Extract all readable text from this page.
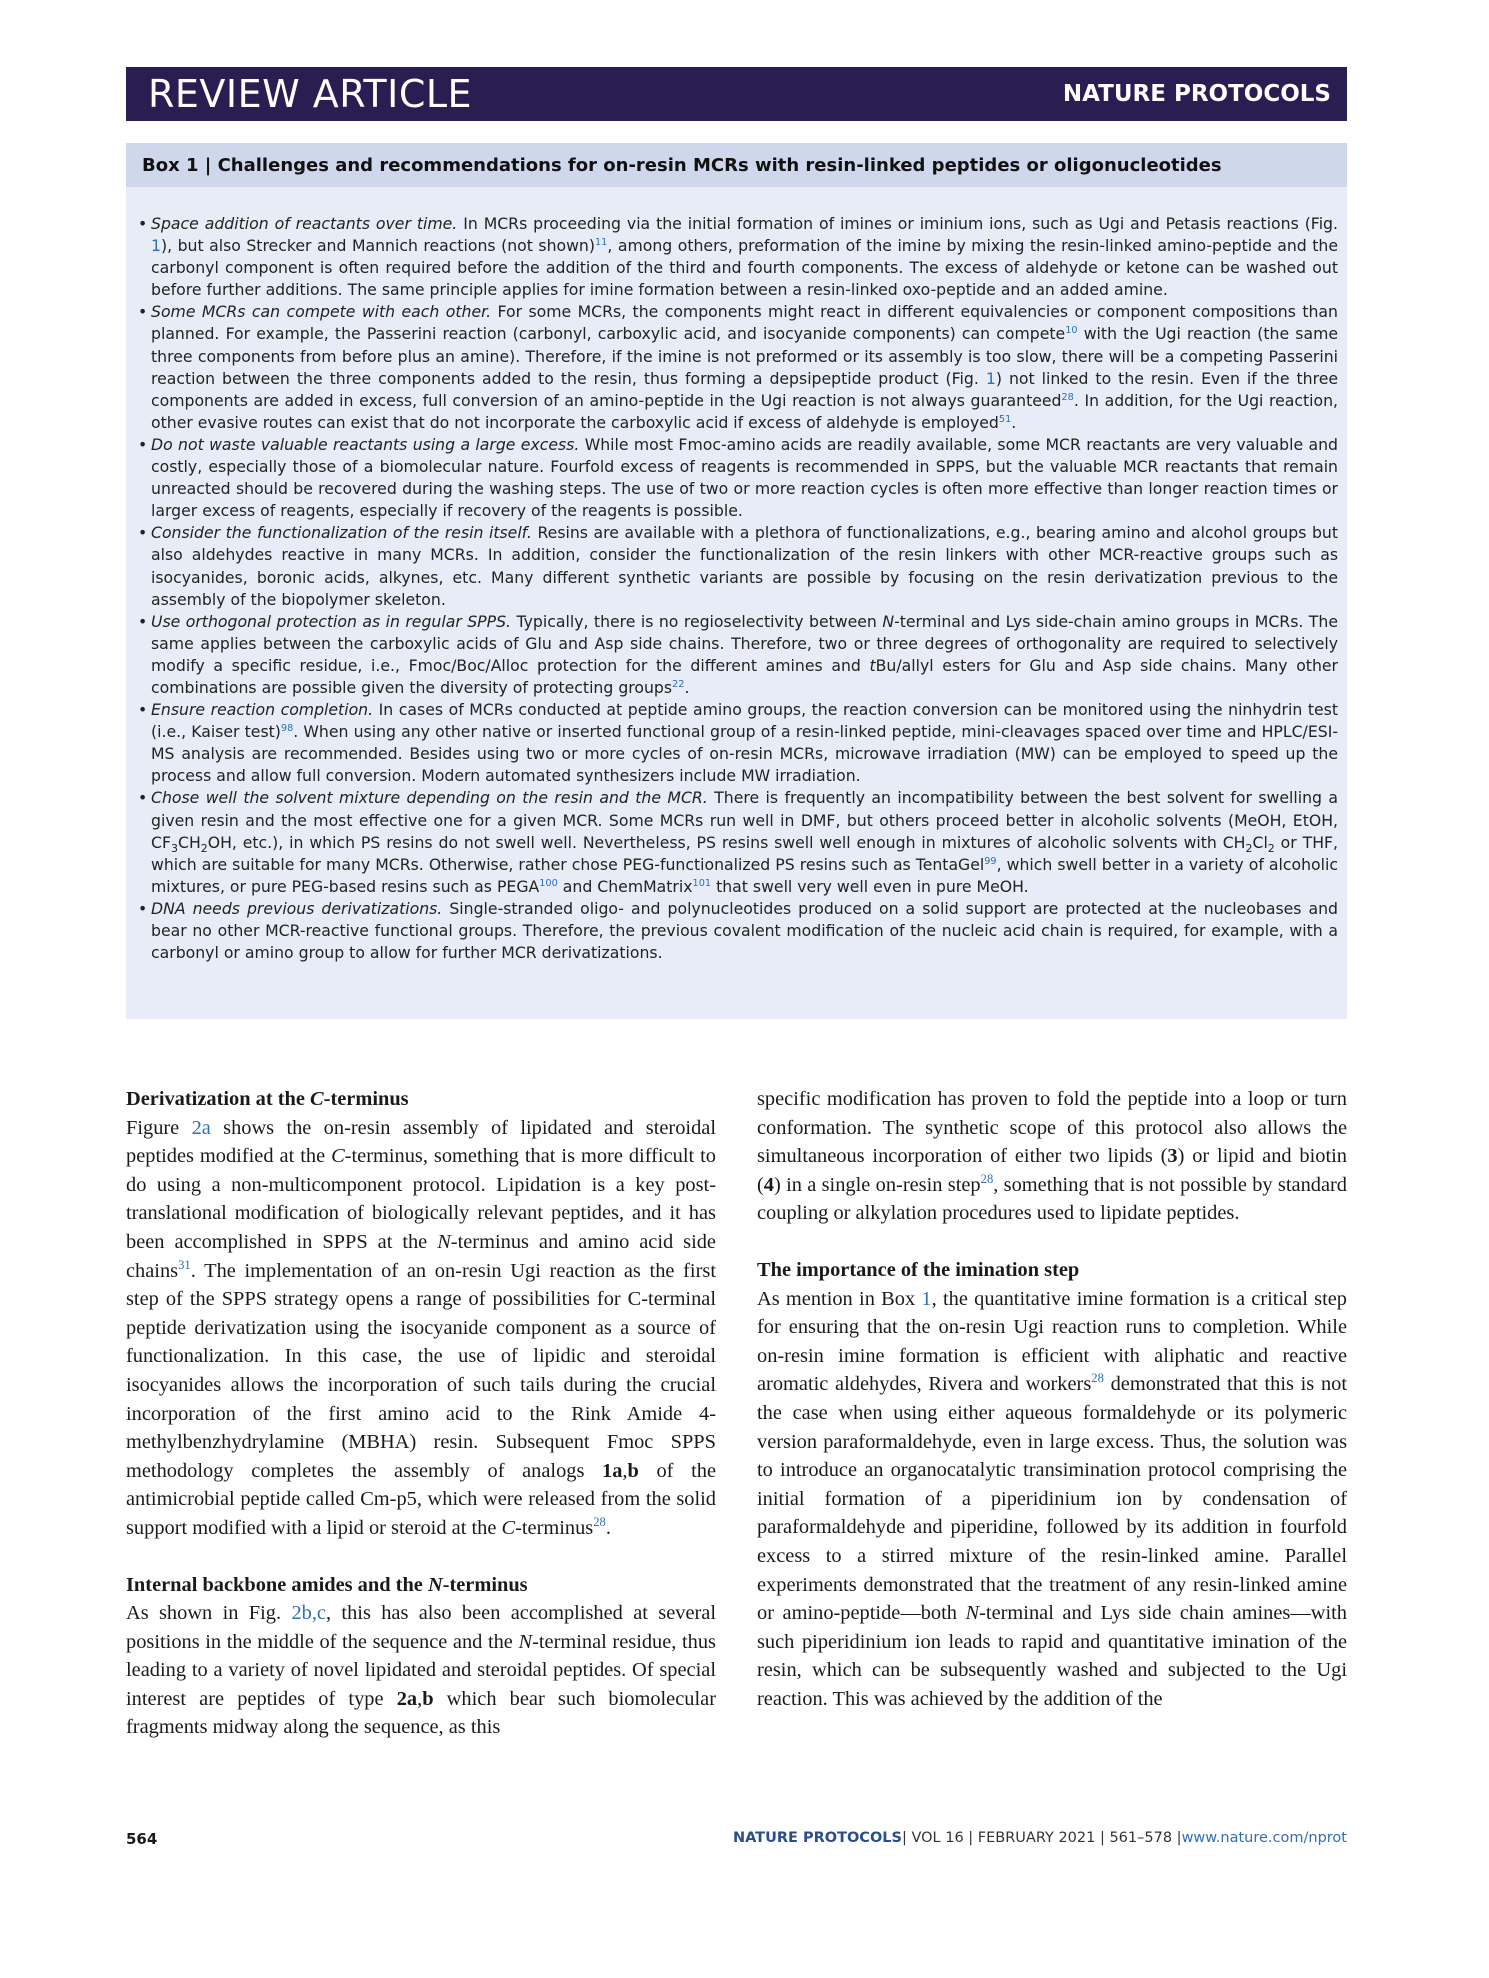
REVIEW ARTICLE	NATURE PROTOCOLS
Box 1 | Challenges and recommendations for on-resin MCRs with resin-linked peptides or oligonucleotides
• Space addition of reactants over time. In MCRs proceeding via the initial formation of imines or iminium ions, such as Ugi and Petasis reactions (Fig. 1), but also Strecker and Mannich reactions (not shown)$^{11}$, among others, preformation of the imine by mixing the resin-linked amino-peptide and the carbonyl component is often required before the addition of the third and fourth components. The excess of aldehyde or ketone can be washed out before further additions. The same principle applies for imine formation between a resin-linked oxo-peptide and an added amine.
• Some MCRs can compete with each other. For some MCRs, the components might react in different equivalencies or component compositions than planned. For example, the Passerini reaction (carbonyl, carboxylic acid, and isocyanide components) can compete$^{10}$ with the Ugi reaction (the same three components from before plus an amine). Therefore, if the imine is not preformed or its assembly is too slow, there will be a competing Passerini reaction between the three components added to the resin, thus forming a depsipeptide product (Fig. 1) not linked to the resin. Even if the three components are added in excess, full conversion of an amino-peptide in the Ugi reaction is not always guaranteed$^{28}$. In addition, for the Ugi reaction, other evasive routes can exist that do not incorporate the carboxylic acid if excess of aldehyde is employed$^{51}$.
• Do not waste valuable reactants using a large excess. While most Fmoc-amino acids are readily available, some MCR reactants are very valuable and costly, especially those of a biomolecular nature. Fourfold excess of reagents is recommended in SPPS, but the valuable MCR reactants that remain unreacted should be recovered during the washing steps. The use of two or more reaction cycles is often more effective than longer reaction times or larger excess of reagents, especially if recovery of the reagents is possible.
• Consider the functionalization of the resin itself. Resins are available with a plethora of functionalizations, e.g., bearing amino and alcohol groups but also aldehydes reactive in many MCRs. In addition, consider the functionalization of the resin linkers with other MCR-reactive groups such as isocyanides, boronic acids, alkynes, etc. Many different synthetic variants are possible by focusing on the resin derivatization previous to the assembly of the biopolymer skeleton.
• Use orthogonal protection as in regular SPPS. Typically, there is no regioselectivity between N-terminal and Lys side-chain amino groups in MCRs. The same applies between the carboxylic acids of Glu and Asp side chains. Therefore, two or three degrees of orthogonality are required to selectively modify a specific residue, i.e., Fmoc/Boc/Alloc protection for the different amines and tBu/allyl esters for Glu and Asp side chains. Many other combinations are possible given the diversity of protecting groups$^{22}$.
• Ensure reaction completion. In cases of MCRs conducted at peptide amino groups, the reaction conversion can be monitored using the ninhydrin test (i.e., Kaiser test)$^{98}$. When using any other native or inserted functional group of a resin-linked peptide, mini-cleavages spaced over time and HPLC/ESI-MS analysis are recommended. Besides using two or more cycles of on-resin MCRs, microwave irradiation (MW) can be employed to speed up the process and allow full conversion. Modern automated synthesizers include MW irradiation.
• Chose well the solvent mixture depending on the resin and the MCR. There is frequently an incompatibility between the best solvent for swelling a given resin and the most effective one for a given MCR. Some MCRs run well in DMF, but others proceed better in alcoholic solvents (MeOH, EtOH, $CF_3CH_2OH$, etc.), in which PS resins do not swell well. Nevertheless, PS resins swell well enough in mixtures of alcoholic solvents with $CH_2Cl_2$ or THF, which are suitable for many MCRs. Otherwise, rather chose PEG-functionalized PS resins such as TentaGel$^{99}$, which swell better in a variety of alcoholic mixtures, or pure PEG-based resins such as PEGA$^{100}$ and ChemMatrix$^{101}$ that swell very well even in pure MeOH.
• DNA needs previous derivatizations. Single-stranded oligo- and polynucleotides produced on a solid support are protected at the nucleobases and bear no other MCR-reactive functional groups. Therefore, the previous covalent modification of the nucleic acid chain is required, for example, with a carbonyl or amino group to allow for further MCR derivatizations.
Derivatization at the C-terminus

Figure 2a shows the on-resin assembly of lipidated and steroidal peptides modified at the C-terminus, something that is more difficult to do using a non-multicomponent protocol. Lipidation is a key post-translational modification of biologically relevant peptides, and it has been accomplished in SPPS at the N-terminus and amino acid side chains$^{31}$. The implementation of an on-resin Ugi reaction as the first step of the SPPS strategy opens a range of possibilities for C-terminal peptide derivatization using the isocyanide component as a source of functionalization. In this case, the use of lipidic and steroidal isocyanides allows the incorporation of such tails during the crucial incorporation of the first amino acid to the Rink Amide 4-methylbenzhydrylamine (MBHA) resin. Subsequent Fmoc SPPS methodology completes the assembly of analogs 1a,b of the antimicrobial peptide called Cm-p5, which were released from the solid support modified with a lipid or steroid at the C-terminus$^{28}$.

Internal backbone amides and the N-terminus

As shown in Fig. 2b,c, this has also been accomplished at several positions in the middle of the sequence and the N-terminal residue, thus leading to a variety of novel lipidated and steroidal peptides. Of special interest are peptides of type 2a,b which bear such biomolecular fragments midway along the sequence, as this

specific modification has proven to fold the peptide into a loop or turn conformation. The synthetic scope of this protocol also allows the simultaneous incorporation of either two lipids (3) or lipid and biotin (4) in a single on-resin step$^{28}$, something that is not possible by standard coupling or alkylation procedures used to lipidate peptides.

The importance of the imination step

As mention in Box 1, the quantitative imine formation is a critical step for ensuring that the on-resin Ugi reaction runs to completion. While on-resin imine formation is efficient with aliphatic and reactive aromatic aldehydes, Rivera and workers$^{28}$ demonstrated that this is not the case when using either aqueous formaldehyde or its polymeric version paraformaldehyde, even in large excess. Thus, the solution was to introduce an organocatalytic transimination protocol comprising the initial formation of a piperidinium ion by condensation of paraformaldehyde and piperidine, followed by its addition in fourfold excess to a stirred mixture of the resin-linked amine. Parallel experiments demonstrated that the treatment of any resin-linked amine or amino-peptide—both N-terminal and Lys side chain amines—with such piperidinium ion leads to rapid and quantitative imination of the resin, which can be subsequently washed and subjected to the Ugi reaction. This was achieved by the addition of the

564	NATURE PROTOCOLS| VOL 16 | FEBRUARY 2021 | 561–578 |www.nature.com/nprot
